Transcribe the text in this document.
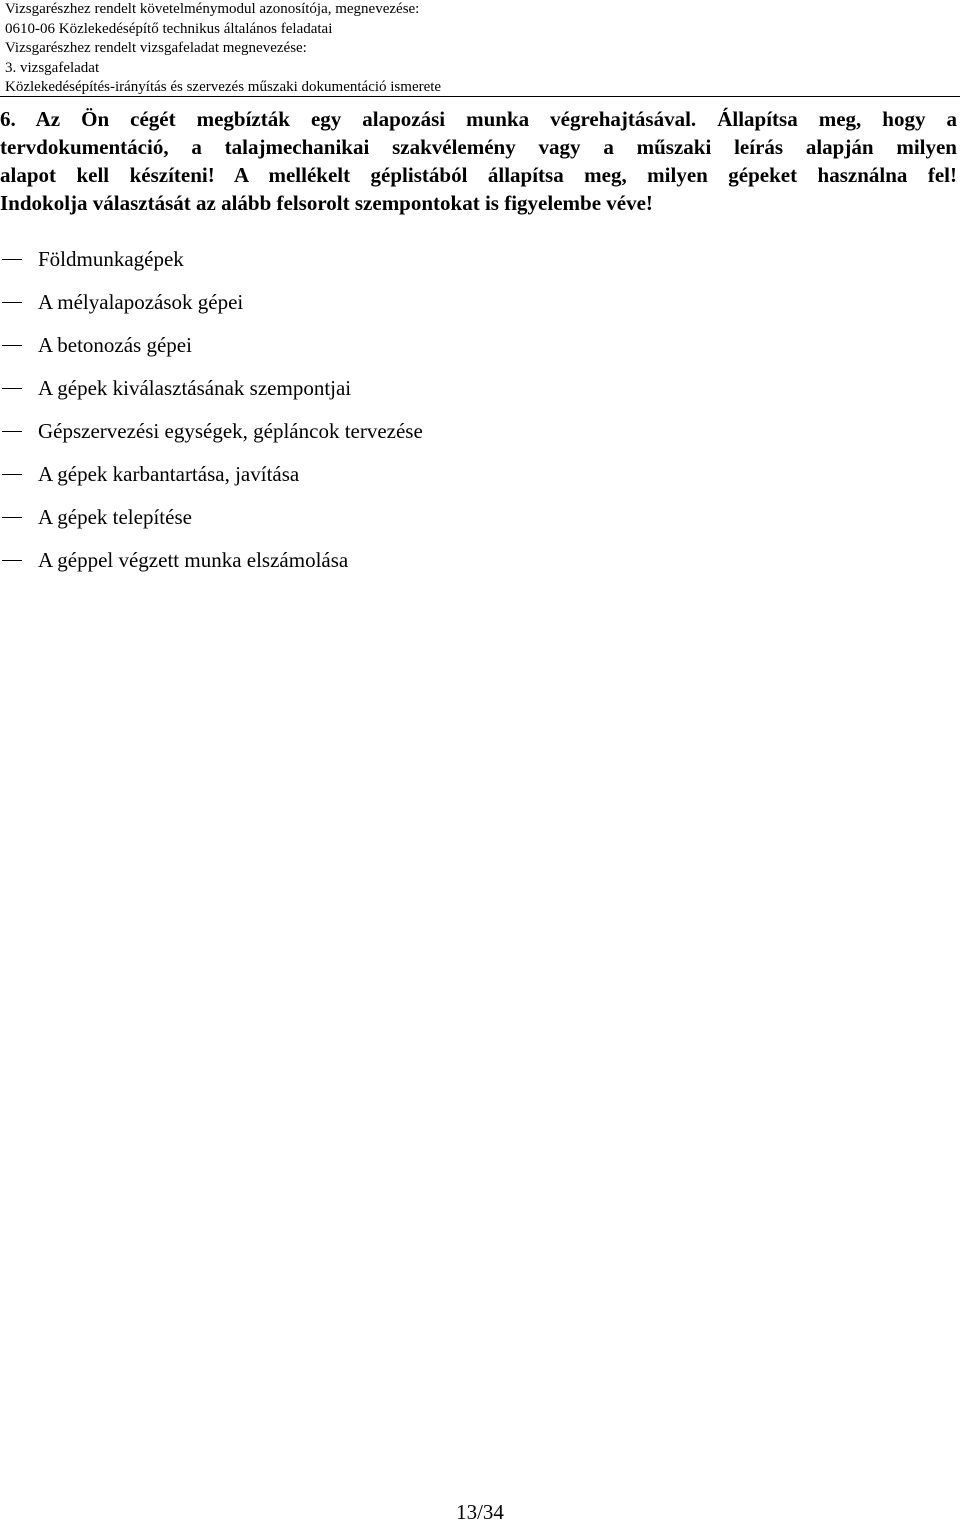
Vizsgarészhez rendelt követelménymodul azonosítója, megnevezése:
0610-06 Közlekedésépítő technikus általános feladatai
Vizsgarészhez rendelt vizsgafeladat megnevezése:
3. vizsgafeladat
Közlekedésépítés-irányítás és szervezés műszaki dokumentáció ismerete
6. Az Ön cégét megbízták egy alapozási munka végrehajtásával. Állapítsa meg, hogy a
tervdokumentáció, a talajmechanikai szakvélemény vagy a műszaki leírás alapján milyen
alapot kell készíteni! A mellékelt géplistából állapítsa meg, milyen gépeket használna fel!
Indokolja választását az alább felsorolt szempontokat is figyelembe véve!
Földmunkagépek
A mélyalapozások gépei
A betonozás gépei
A gépek kiválasztásának szempontjai
Gépszervezési egységek, gépláncok tervezése
A gépek karbantartása, javítása
A gépek telepítése
A géppel végzett munka elszámolása
13/34
